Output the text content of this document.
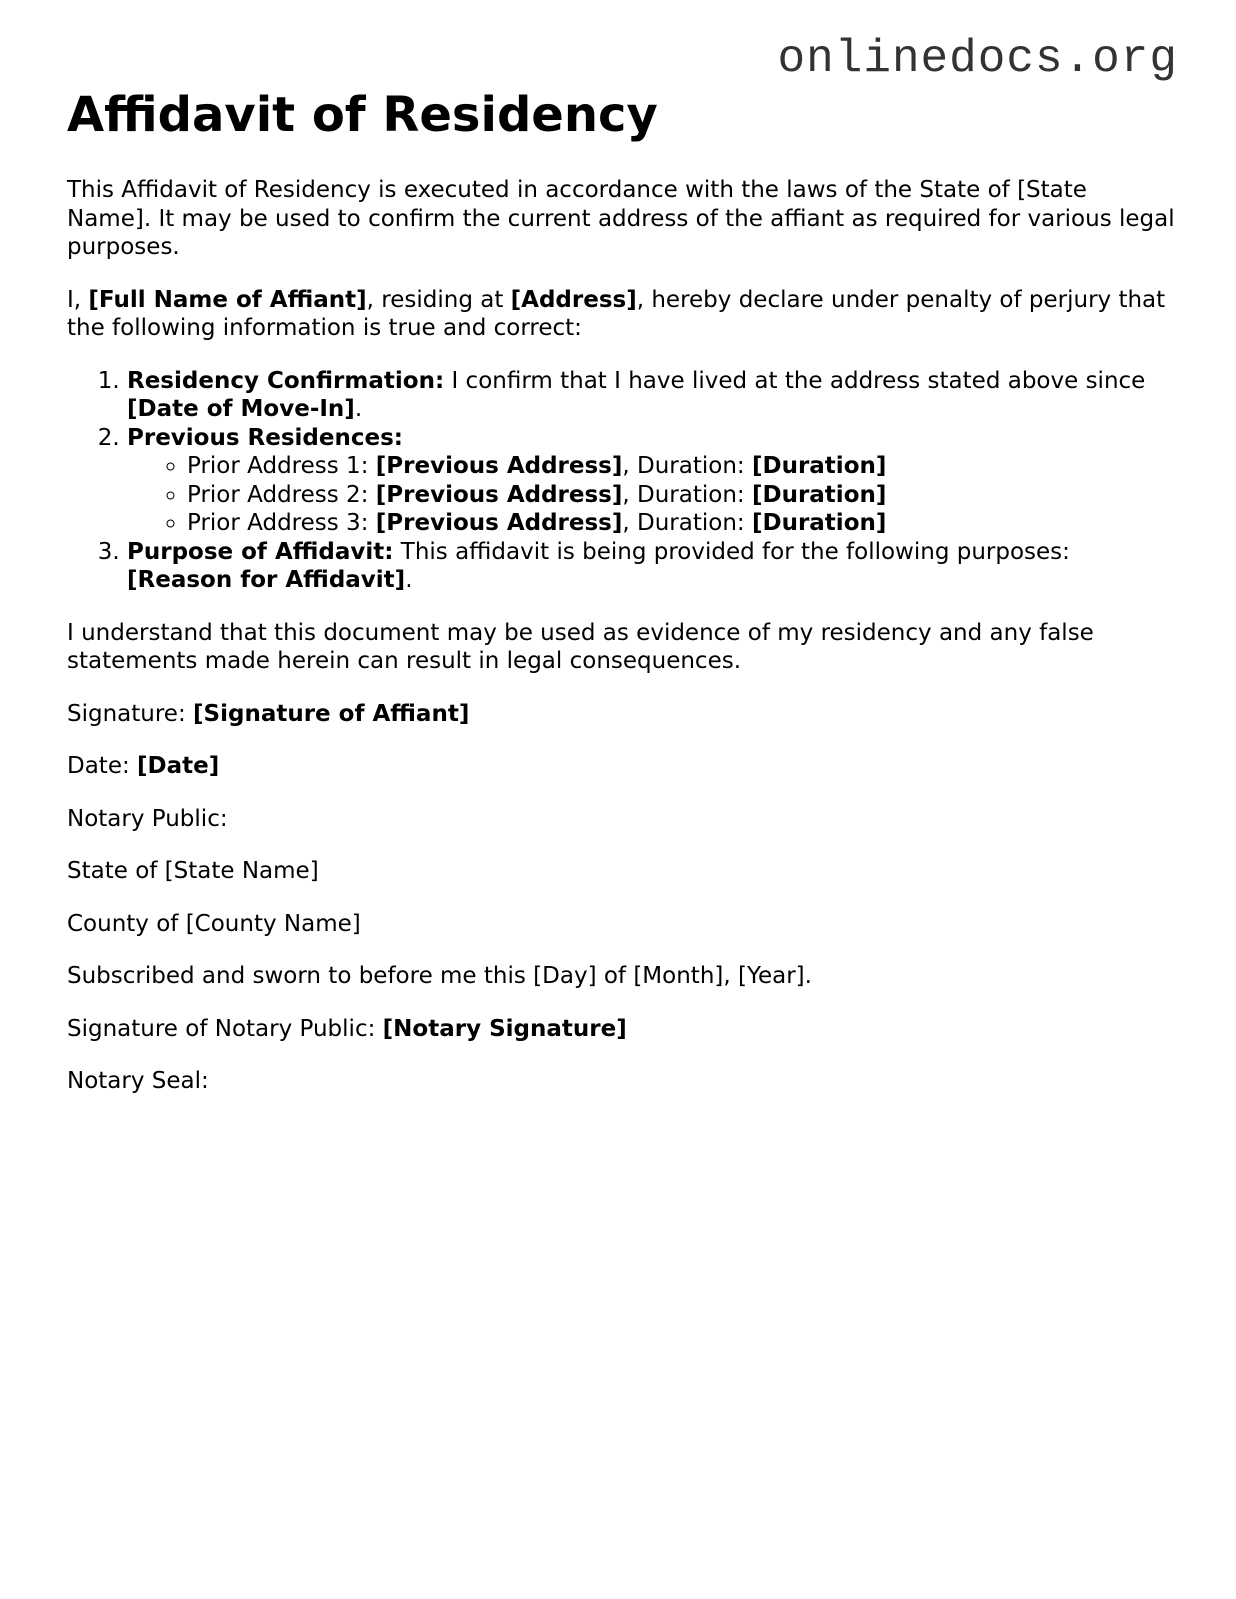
onlinedocs.org
Affidavit of Residency

This Affidavit of Residency is executed in accordance with the laws of the State of [State Name]. It may be used to confirm the current address of the affiant as required for various legal purposes.

I, [Full Name of Affiant], residing at [Address], hereby declare under penalty of perjury that the following information is true and correct:

1. Residency Confirmation: I confirm that I have lived at the address stated above since [Date of Move-In].
2. Previous Residences:
◦ Prior Address 1: [Previous Address], Duration: [Duration]
◦ Prior Address 2: [Previous Address], Duration: [Duration]
◦ Prior Address 3: [Previous Address], Duration: [Duration]
3. Purpose of Affidavit: This affidavit is being provided for the following purposes: [Reason for Affidavit].

I understand that this document may be used as evidence of my residency and any false statements made herein can result in legal consequences.

Signature: [Signature of Affiant]

Date: [Date]

Notary Public:

State of [State Name]

County of [County Name]

Subscribed and sworn to before me this [Day] of [Month], [Year].

Signature of Notary Public: [Notary Signature]

Notary Seal:
